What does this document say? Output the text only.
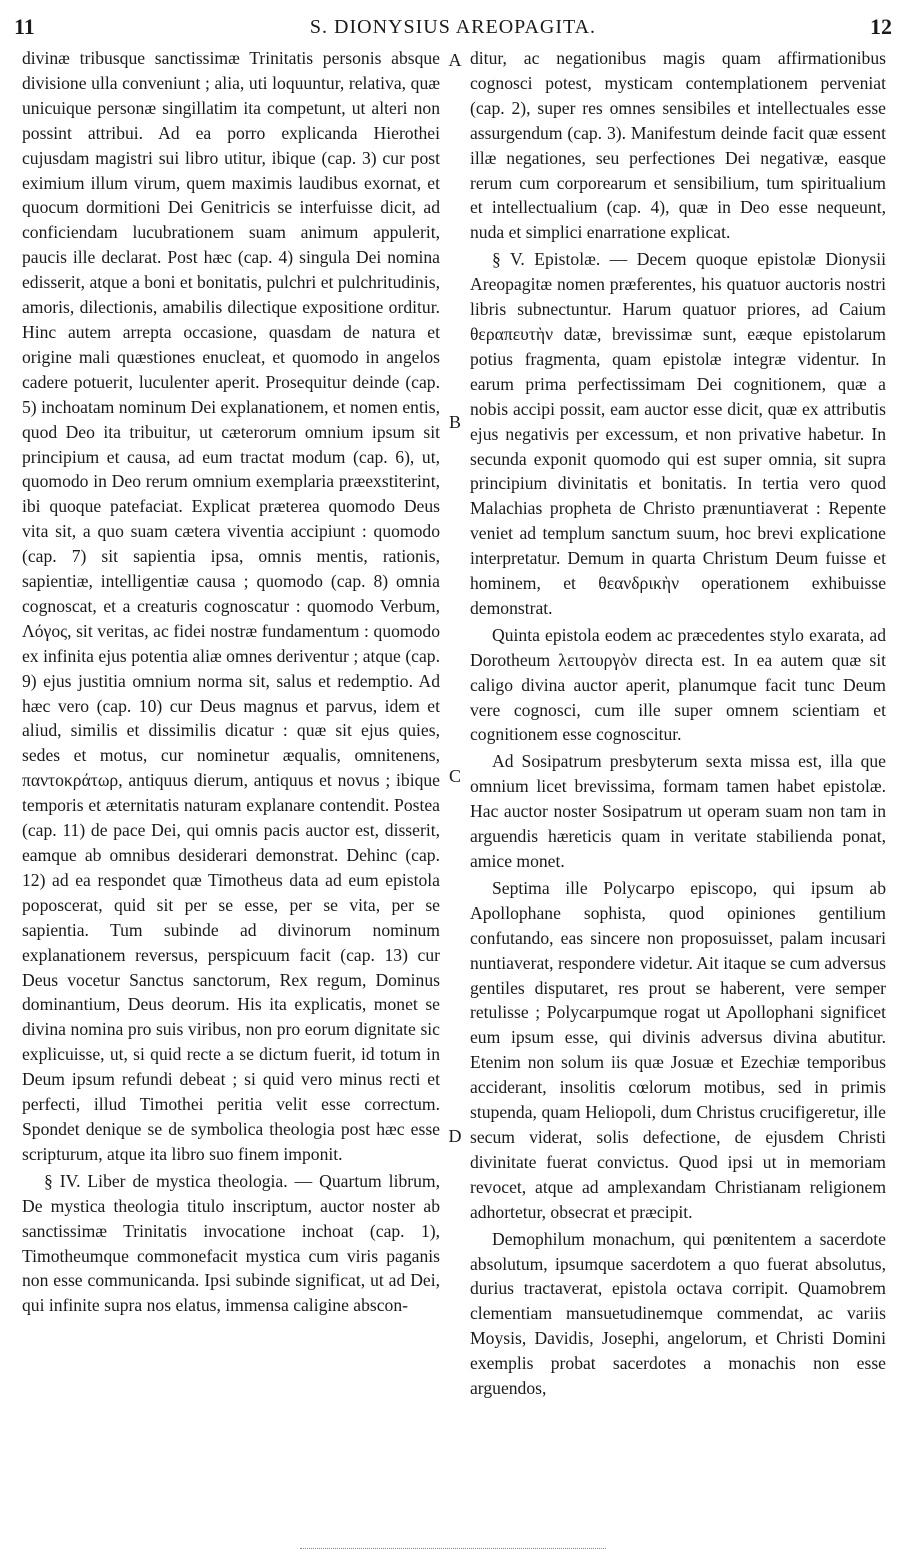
11	S. DIONYSIUS AREOPAGITA.	12

divinæ tribusque sanctissimæ Trinitatis personis absque divisione ulla conveniunt ; alia, uti loquuntur, relativa, quæ unicuique personæ singillatim ita competunt, ut alteri non possint attribui. Ad ea porro explicanda Hierothei cujusdam magistri sui libro utitur, ibique (cap. 3) cur post eximium illum virum, quem maximis laudibus exornat, et quocum dormitioni Dei Genitricis se interfuisse dicit, ad conficiendam lucubrationem suam animum appulerit, paucis ille declarat. Post hæc (cap. 4) singula Dei nomina edisserit, atque a boni et bonitatis, pulchri et pulchritudinis, amoris, dilectionis, amabilis dilectique expositione orditur. Hinc autem arrepta occasione, quasdam de natura et origine mali quæstiones enucleat, et quomodo in angelos cadere potuerit, luculenter aperit. Prosequitur deinde (cap. 5) inchoatam nominum Dei explanationem, et nomen entis, quod Deo ita tribuitur, ut cæterorum omnium ipsum sit principium et causa, ad eum tractat modum (cap. 6), ut, quomodo in Deo rerum omnium exemplaria præexstiterint, ibi quoque patefaciat. Explicat præterea quomodo Deus vita sit, a quo suam cætera viventia accipiunt : quomodo (cap. 7) sit sapientia ipsa, omnis mentis, rationis, sapientiæ, intelligentiæ causa ; quomodo (cap. 8) omnia cognoscat, et a creaturis cognoscatur : quomodo Verbum, Λόγος, sit veritas, ac fidei nostræ fundamentum : quomodo ex infinita ejus potentia aliæ omnes deriventur ; atque (cap. 9) ejus justitia omnium norma sit, salus et redemptio. Ad hæc vero (cap. 10) cur Deus magnus et parvus, idem et aliud, similis et dissimilis dicatur : quæ sit ejus quies, sedes et motus, cur nominetur æqualis, omnitenens, παντοκράτωρ, antiquus dierum, antiquus et novus ; ibique temporis et æternitatis naturam explanare contendit. Postea (cap. 11) de pace Dei, qui omnis pacis auctor est, disserit, eamque ab omnibus desiderari demonstrat. Dehinc (cap. 12) ad ea respondet quæ Timotheus data ad eum epistola poposcerat, quid sit per se esse, per se vita, per se sapientia. Tum subinde ad divinorum nominum explanationem reversus, perspicuum facit (cap. 13) cur Deus vocetur Sanctus sanctorum, Rex regum, Dominus dominantium, Deus deorum. His ita explicatis, monet se divina nomina pro suis viribus, non pro eorum dignitate sic explicuisse, ut, si quid recte a se dictum fuerit, id totum in Deum ipsum refundi debeat ; si quid vero minus recti et perfecti, illud Timothei peritia velit esse correctum. Spondet denique se de symbolica theologia post hæc esse scripturum, atque ita libro suo finem imponit.

§ IV. Liber de mystica theologia. — Quartum librum, De mystica theologia titulo inscriptum, auctor noster ab sanctissimæ Trinitatis invocatione inchoat (cap. 1), Timotheumque commonefacit mystica cum viris paganis non esse communicanda. Ipsi subinde significat, ut ad Dei, qui infinite supra nos elatus, immensa caligine abscon-

A
B
C
D

ditur, ac negationibus magis quam affirmationibus cognosci potest, mysticam contemplationem perveniat (cap. 2), super res omnes sensibiles et intellectuales esse assurgendum (cap. 3). Manifestum deinde facit quæ essent illæ negationes, seu perfectiones Dei negativæ, easque rerum cum corporearum et sensibilium, tum spiritualium et intellectualium (cap. 4), quæ in Deo esse nequeunt, nuda et simplici enarratione explicat.

§ V. Epistolæ. — Decem quoque epistolæ Dionysii Areopagitæ nomen præferentes, his quatuor auctoris nostri libris subnectuntur. Harum quatuor priores, ad Caium θεραπευτὴν datæ, brevissimæ sunt, eæque epistolarum potius fragmenta, quam epistolæ integræ videntur. In earum prima perfectissimam Dei cognitionem, quæ a nobis accipi possit, eam auctor esse dicit, quæ ex attributis ejus negativis per excessum, et non privative habetur. In secunda exponit quomodo qui est super omnia, sit supra principium divinitatis et bonitatis. In tertia vero quod Malachias propheta de Christo prænuntiaverat : Repente veniet ad templum sanctum suum, hoc brevi explicatione interpretatur. Demum in quarta Christum Deum fuisse et hominem, et θεανδρικὴν operationem exhibuisse demonstrat.

Quinta epistola eodem ac præcedentes stylo exarata, ad Dorotheum λειτουργὸν directa est. In ea autem quæ sit caligo divina auctor aperit, planumque facit tunc Deum vere cognosci, cum ille super omnem scientiam et cognitionem esse cognoscitur.

Ad Sosipatrum presbyterum sexta missa est, illa que omnium licet brevissima, formam tamen habet epistolæ. Hac auctor noster Sosipatrum ut operam suam non tam in arguendis hæreticis quam in veritate stabilienda ponat, amice monet.

Septima ille Polycarpo episcopo, qui ipsum ab Apollophane sophista, quod opiniones gentilium confutando, eas sincere non proposuisset, palam incusari nuntiaverat, respondere videtur. Ait itaque se cum adversus gentiles disputaret, res prout se haberent, vere semper retulisse ; Polycarpumque rogat ut Apollophani significet eum ipsum esse, qui divinis adversus divina abutitur. Etenim non solum iis quæ Josuæ et Ezechiæ temporibus acciderant, insolitis cœlorum motibus, sed in primis stupenda, quam Heliopoli, dum Christus crucifigeretur, ille secum viderat, solis defectione, de ejusdem Christi divinitate fuerat convictus. Quod ipsi ut in memoriam revocet, atque ad amplexandam Christianam religionem adhortetur, obsecrat et præcipit.

Demophilum monachum, qui pœnitentem a sacerdote absolutum, ipsumque sacerdotem a quo fuerat absolutus, durius tractaverat, epistola octava corripit. Quamobrem clementiam mansuetudinemque commendat, ac variis Moysis, Davidis, Josephi, angelorum, et Christi Domini exemplis probat sacerdotes a monachis non esse arguendos,
